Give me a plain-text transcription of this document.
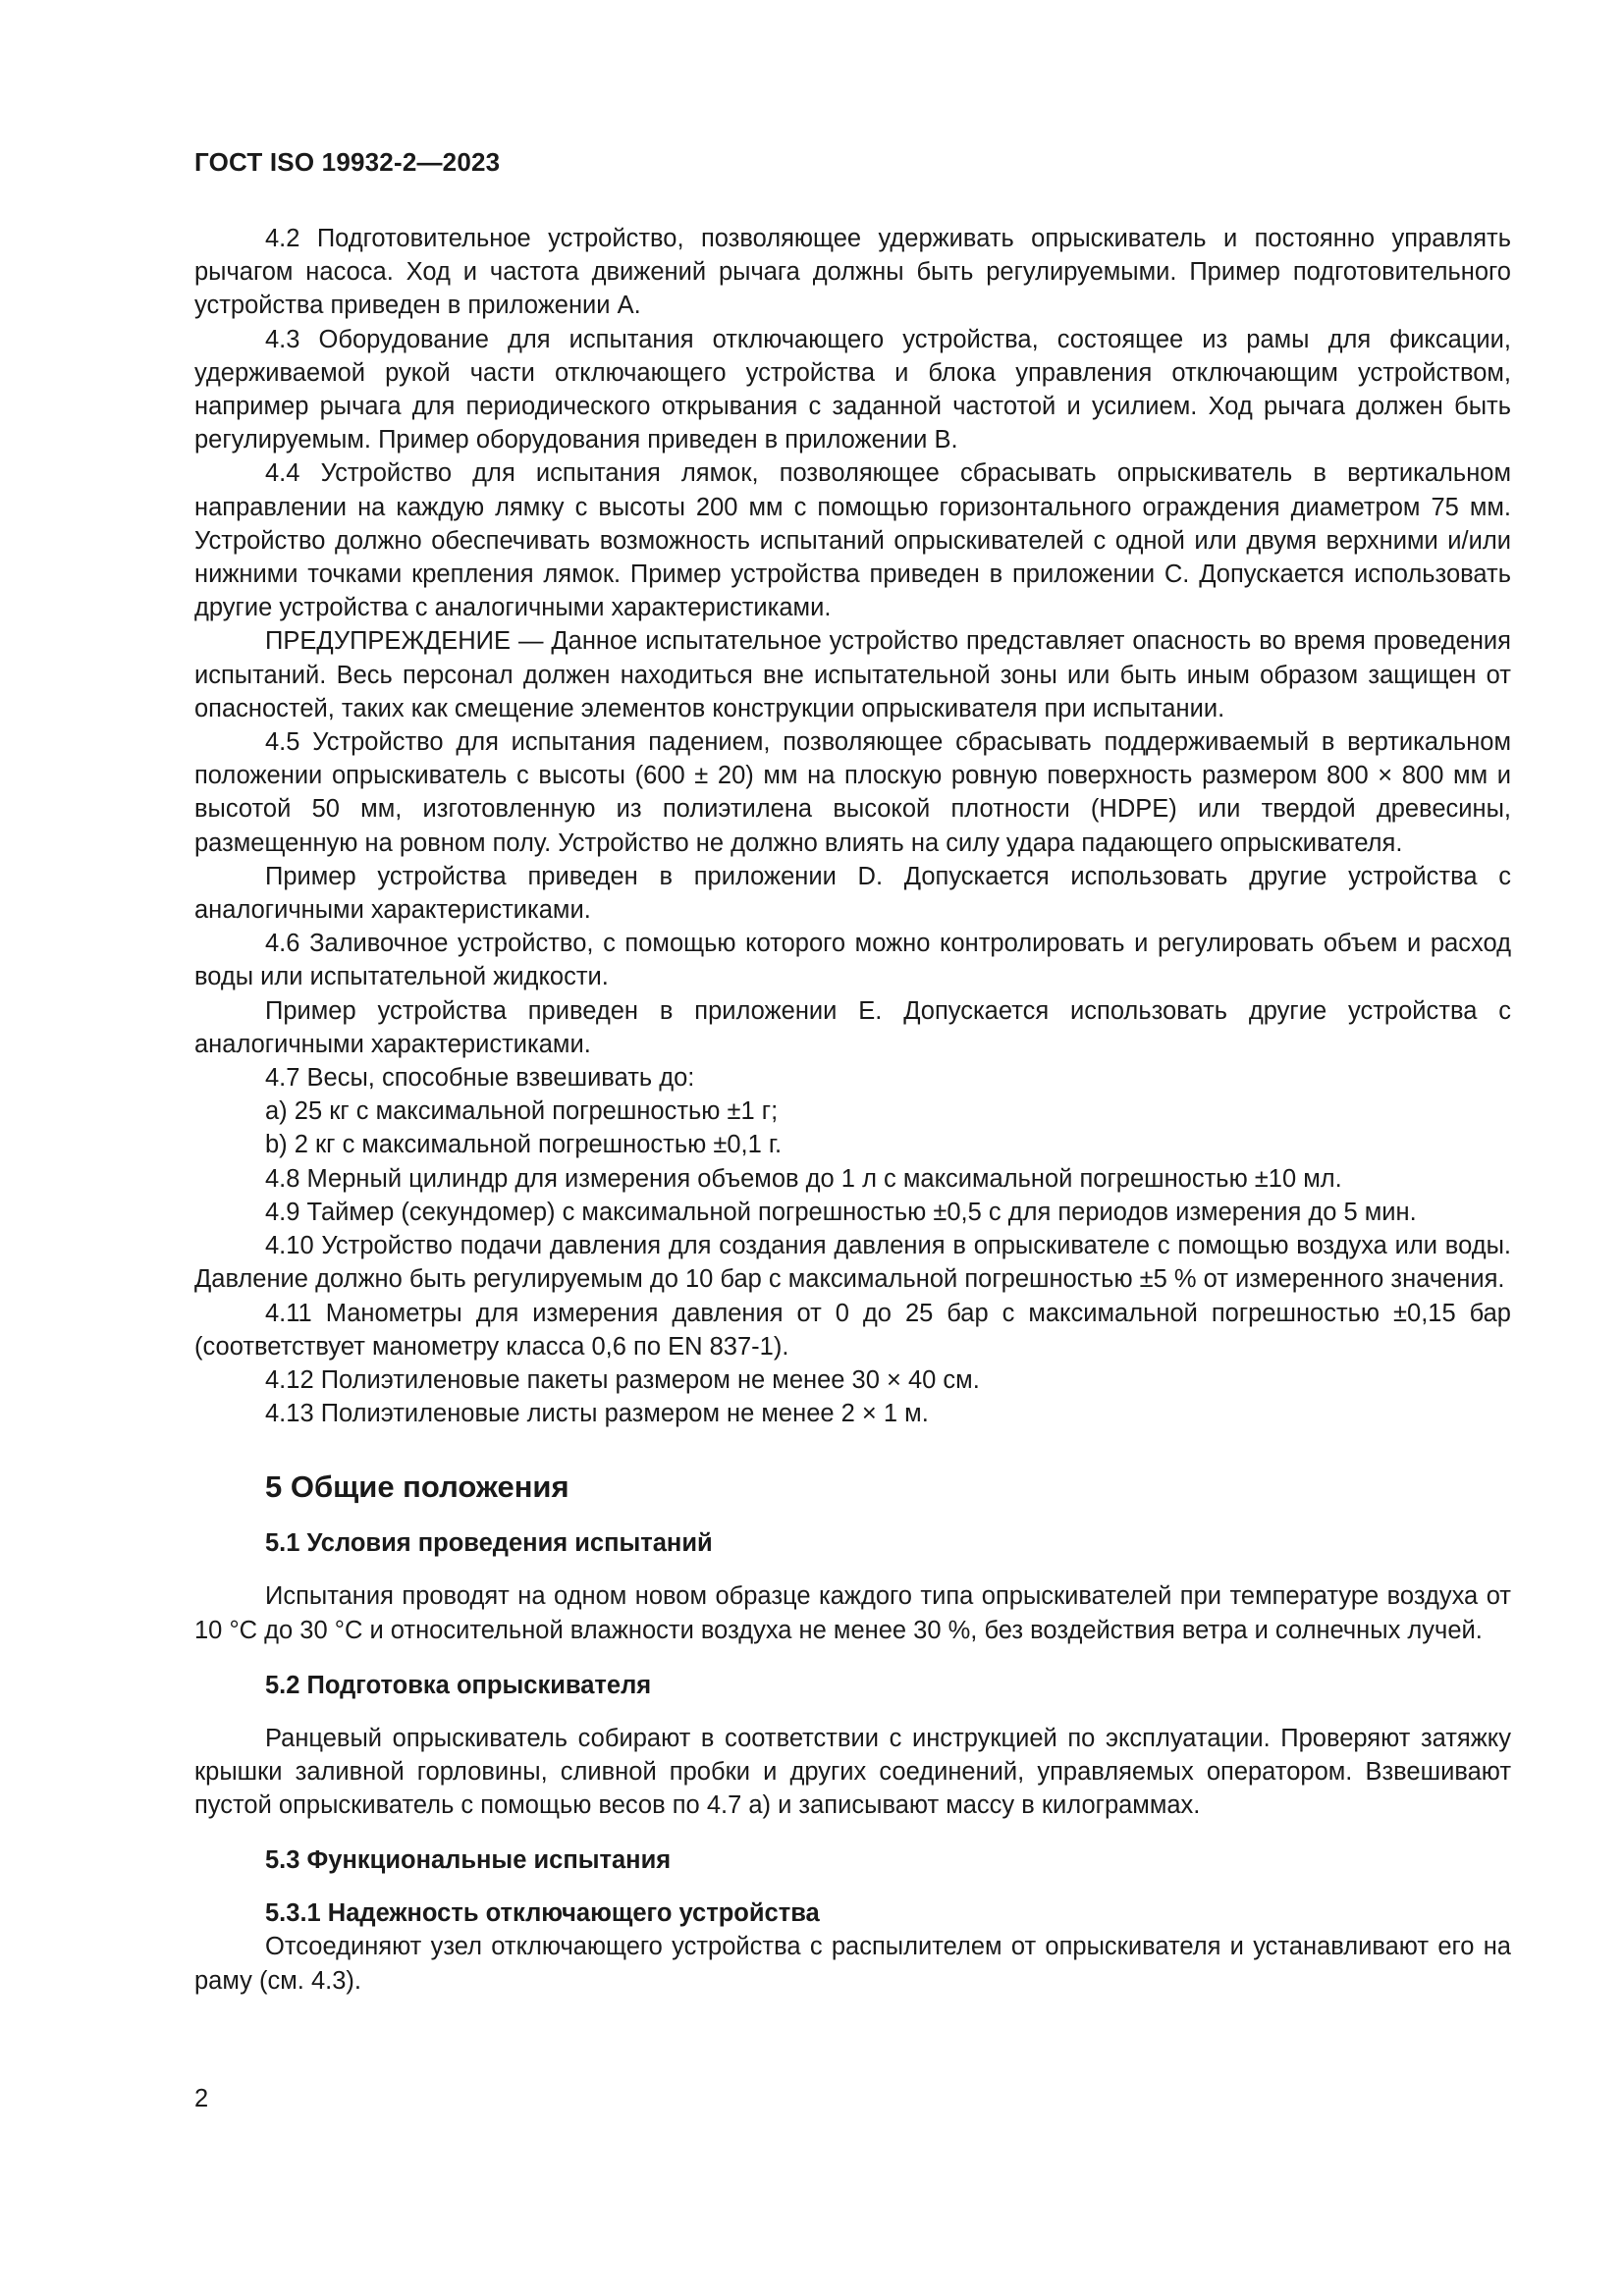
ГОСТ ISO 19932-2—2023

4.2 Подготовительное устройство, позволяющее удерживать опрыскиватель и постоянно управлять рычагом насоса. Ход и частота движений рычага должны быть регулируемыми. Пример подготовительного устройства приведен в приложении А.

4.3 Оборудование для испытания отключающего устройства, состоящее из рамы для фиксации, удерживаемой рукой части отключающего устройства и блока управления отключающим устройством, например рычага для периодического открывания с заданной частотой и усилием. Ход рычага должен быть регулируемым. Пример оборудования приведен в приложении В.

4.4 Устройство для испытания лямок, позволяющее сбрасывать опрыскиватель в вертикальном направлении на каждую лямку с высоты 200 мм с помощью горизонтального ограждения диаметром 75 мм. Устройство должно обеспечивать возможность испытаний опрыскивателей с одной или двумя верхними и/или нижними точками крепления лямок. Пример устройства приведен в приложении С. Допускается использовать другие устройства с аналогичными характеристиками.

ПРЕДУПРЕЖДЕНИЕ — Данное испытательное устройство представляет опасность во время проведения испытаний. Весь персонал должен находиться вне испытательной зоны или быть иным образом защищен от опасностей, таких как смещение элементов конструкции опрыскивателя при испытании.

4.5 Устройство для испытания падением, позволяющее сбрасывать поддерживаемый в вертикальном положении опрыскиватель с высоты (600 ± 20) мм на плоскую ровную поверхность размером 800 × 800 мм и высотой 50 мм, изготовленную из полиэтилена высокой плотности (HDPE) или твердой древесины, размещенную на ровном полу. Устройство не должно влиять на силу удара падающего опрыскивателя.

Пример устройства приведен в приложении D. Допускается использовать другие устройства с аналогичными характеристиками.

4.6 Заливочное устройство, с помощью которого можно контролировать и регулировать объем и расход воды или испытательной жидкости.

Пример устройства приведен в приложении Е. Допускается использовать другие устройства с аналогичными характеристиками.

4.7 Весы, способные взвешивать до:

a) 25 кг с максимальной погрешностью ±1 г;

b) 2 кг с максимальной погрешностью ±0,1 г.

4.8 Мерный цилиндр для измерения объемов до 1 л с максимальной погрешностью ±10 мл.

4.9 Таймер (секундомер) с максимальной погрешностью ±0,5 с для периодов измерения до 5 мин.

4.10 Устройство подачи давления для создания давления в опрыскивателе с помощью воздуха или воды. Давление должно быть регулируемым до 10 бар с максимальной погрешностью ±5 % от измеренного значения.

4.11 Манометры для измерения давления от 0 до 25 бар с максимальной погрешностью ±0,15 бар (соответствует манометру класса 0,6 по EN 837-1).

4.12 Полиэтиленовые пакеты размером не менее 30 × 40 см.

4.13 Полиэтиленовые листы размером не менее 2 × 1 м.

5 Общие положения
5.1 Условия проведения испытаний

Испытания проводят на одном новом образце каждого типа опрыскивателей при температуре воздуха от 10 °С до 30 °С и относительной влажности воздуха не менее 30 %, без воздействия ветра и солнечных лучей.

5.2 Подготовка опрыскивателя

Ранцевый опрыскиватель собирают в соответствии с инструкцией по эксплуатации. Проверяют затяжку крышки заливной горловины, сливной пробки и других соединений, управляемых оператором. Взвешивают пустой опрыскиватель с помощью весов по 4.7 а) и записывают массу в килограммах.

5.3 Функциональные испытания
5.3.1 Надежность отключающего устройства

Отсоединяют узел отключающего устройства с распылителем от опрыскивателя и устанавливают его на раму (см. 4.3).

2
